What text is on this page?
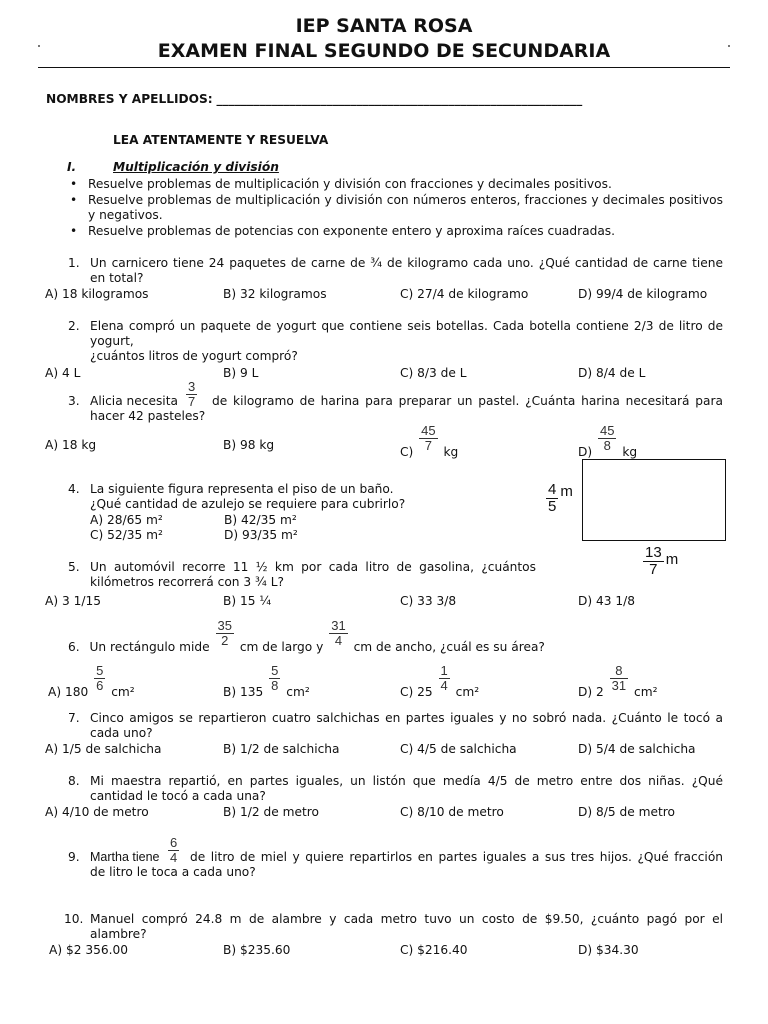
IEP SANTA ROSA
EXAMEN FINAL SEGUNDO DE SECUNDARIA
NOMBRES Y APELLIDOS: ____________________________________________________________
LEA ATENTAMENTE Y RESUELVA
I.	Multiplicación y división
• Resuelve problemas de multiplicación y división con fracciones y decimales positivos.
• Resuelve problemas de multiplicación y división con números enteros, fracciones y decimales positivos y negativos.
• Resuelve problemas de potencias con exponente entero y aproxima raíces cuadradas.
1. Un carnicero tiene 24 paquetes de carne de ¾ de kilogramo cada uno. ¿Qué cantidad de carne tiene en total?
A) 18 kilogramos	B) 32 kilogramos	C) 27/4 de kilogramo	D) 99/4 de kilogramo
2. Elena compró un paquete de yogurt que contiene seis botellas. Cada botella contiene 2/3 de litro de yogurt,
¿cuántos litros de yogurt compró?
A) 4 L	B) 9 L	C) 8/3 de L	D) 8/4 de L
3. Alicia necesita $\frac{3}{7}$	de kilogramo de harina para preparar un pastel. ¿Cuánta harina necesitará para hacer 42 pasteles?
A) 18 kg	B) 98 kg	$C) \frac{45}{7}$ kg	$D) \frac{45}{8}$ kg
4. La siguiente figura representa el piso de un baño.
¿Qué cantidad de azulejo se requiere para cubrirlo?
A) 28/65 m²	B) 42/35 m²
C) 52/35 m²	D) 93/35 m²
$\frac{4}{5}$ m
$\frac{13}{7}$ m
5. Un automóvil recorre 11 ½ km por cada litro de gasolina, ¿cuántos
kilómetros recorrerá con 3 ¾ L?
A) 3 1/15	B) 15 ¼	C) 33 3/8	D) 43 1/8
6. Un rectángulo mide $\frac{35}{2}$ cm de largo y $\frac{31}{4}$ cm de ancho, ¿cuál es su área?
A) $180 \frac{5}{6} cm^2$	B) $135 \frac{5}{8} cm^2$	C) $25 \frac{1}{4} cm^2$	D) $2 \frac{8}{31} cm^2$
7. Cinco amigos se repartieron cuatro salchichas en partes iguales y no sobró nada. ¿Cuánto le tocó a cada uno?
A) 1/5 de salchicha	B) 1/2 de salchicha	C) 4/5 de salchicha	D) 5/4 de salchicha
8. Mi maestra repartió, en partes iguales, un listón que medía 4/5 de metro entre dos niñas. ¿Qué cantidad le tocó a cada una?
A) 4/10 de metro	B) 1/2 de metro	C) 8/10 de metro	D) 8/5 de metro
9. Martha tiene $\frac{6}{4}$ de litro de miel y quiere repartirlos en partes iguales a sus tres hijos. ¿Qué fracción
de litro le toca a cada uno?
10. Manuel compró 24.8 m de alambre y cada metro tuvo un costo de $9.50, ¿cuánto pagó por el alambre?
A) $2 356.00	B) $235.60	C) $216.40	D) $34.30
